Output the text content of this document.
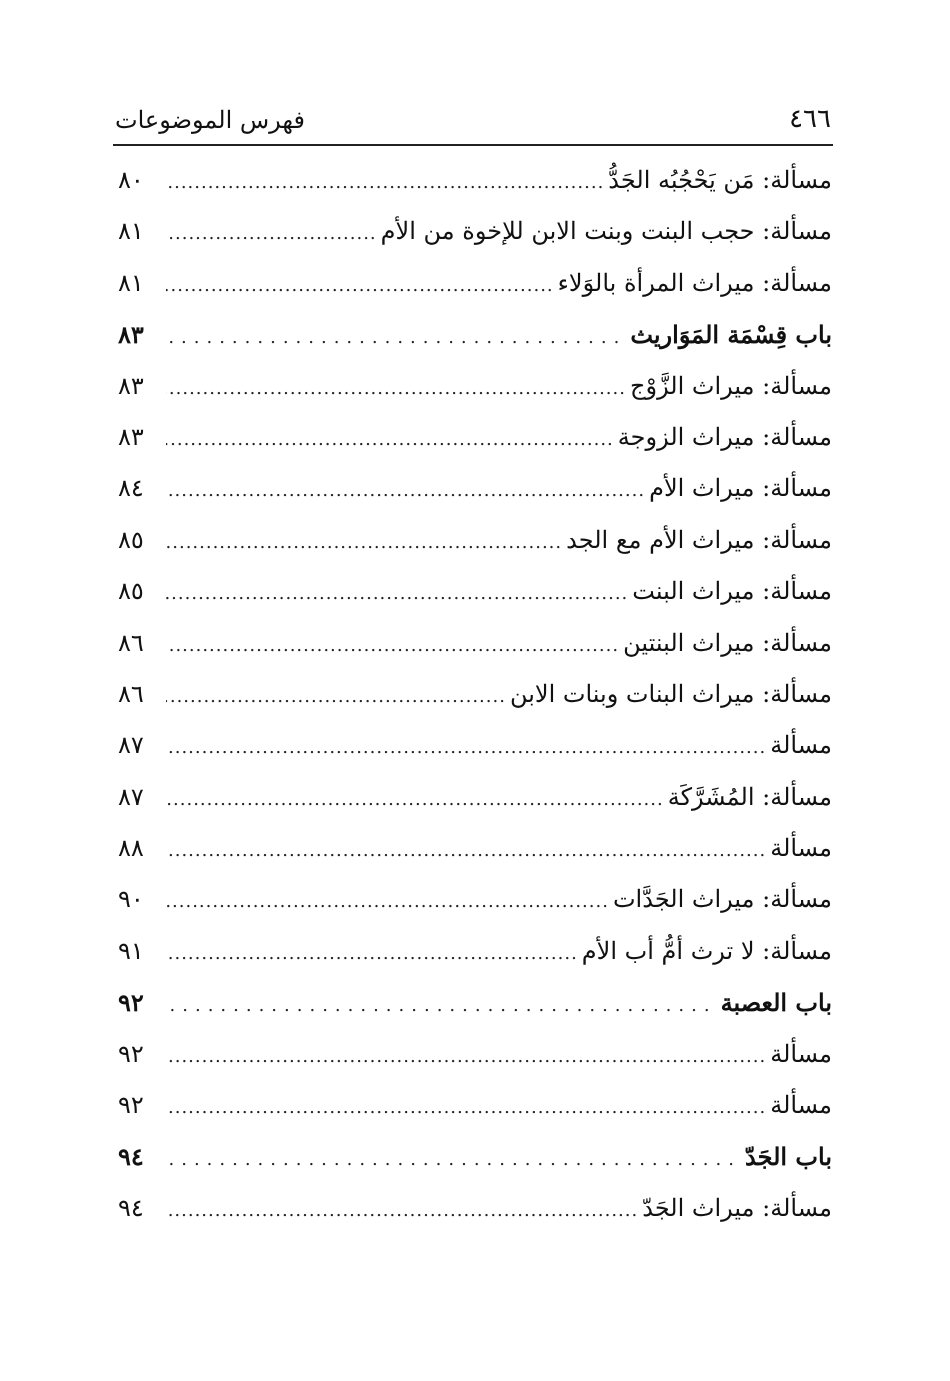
٤٦٦
فهرس الموضوعات
مسألة: مَن يَحْجُبُه الجَدُّ
.....
٨٠
مسألة: حجب البنت وبنت الابن للإخوة من الأم
.....
٨١
مسألة: ميراث المرأة بالوَلاء
.....
٨١
باب قِسْمَة المَوَاريث
.....
٨٣
مسألة: ميراث الزَّوْج
.....
٨٣
مسألة: ميراث الزوجة
.....
٨٣
مسألة: ميراث الأم
.....
٨٤
مسألة: ميراث الأم مع الجد
.....
٨٥
مسألة: ميراث البنت
.....
٨٥
مسألة: ميراث البنتين
.....
٨٦
مسألة: ميراث البنات وبنات الابن
.....
٨٦
مسألة
.....
٨٧
مسألة: المُشَرَّكَة
.....
٨٧
مسألة
.....
٨٨
مسألة: ميراث الجَدَّات
.....
٩٠
مسألة: لا ترث أمُّ أب الأم
.....
٩١
باب العصبة
.....
٩٢
مسألة
.....
٩٢
مسألة
.....
٩٢
باب الجَدّ
.....
٩٤
مسألة: ميراث الجَدّ
.....
٩٤
